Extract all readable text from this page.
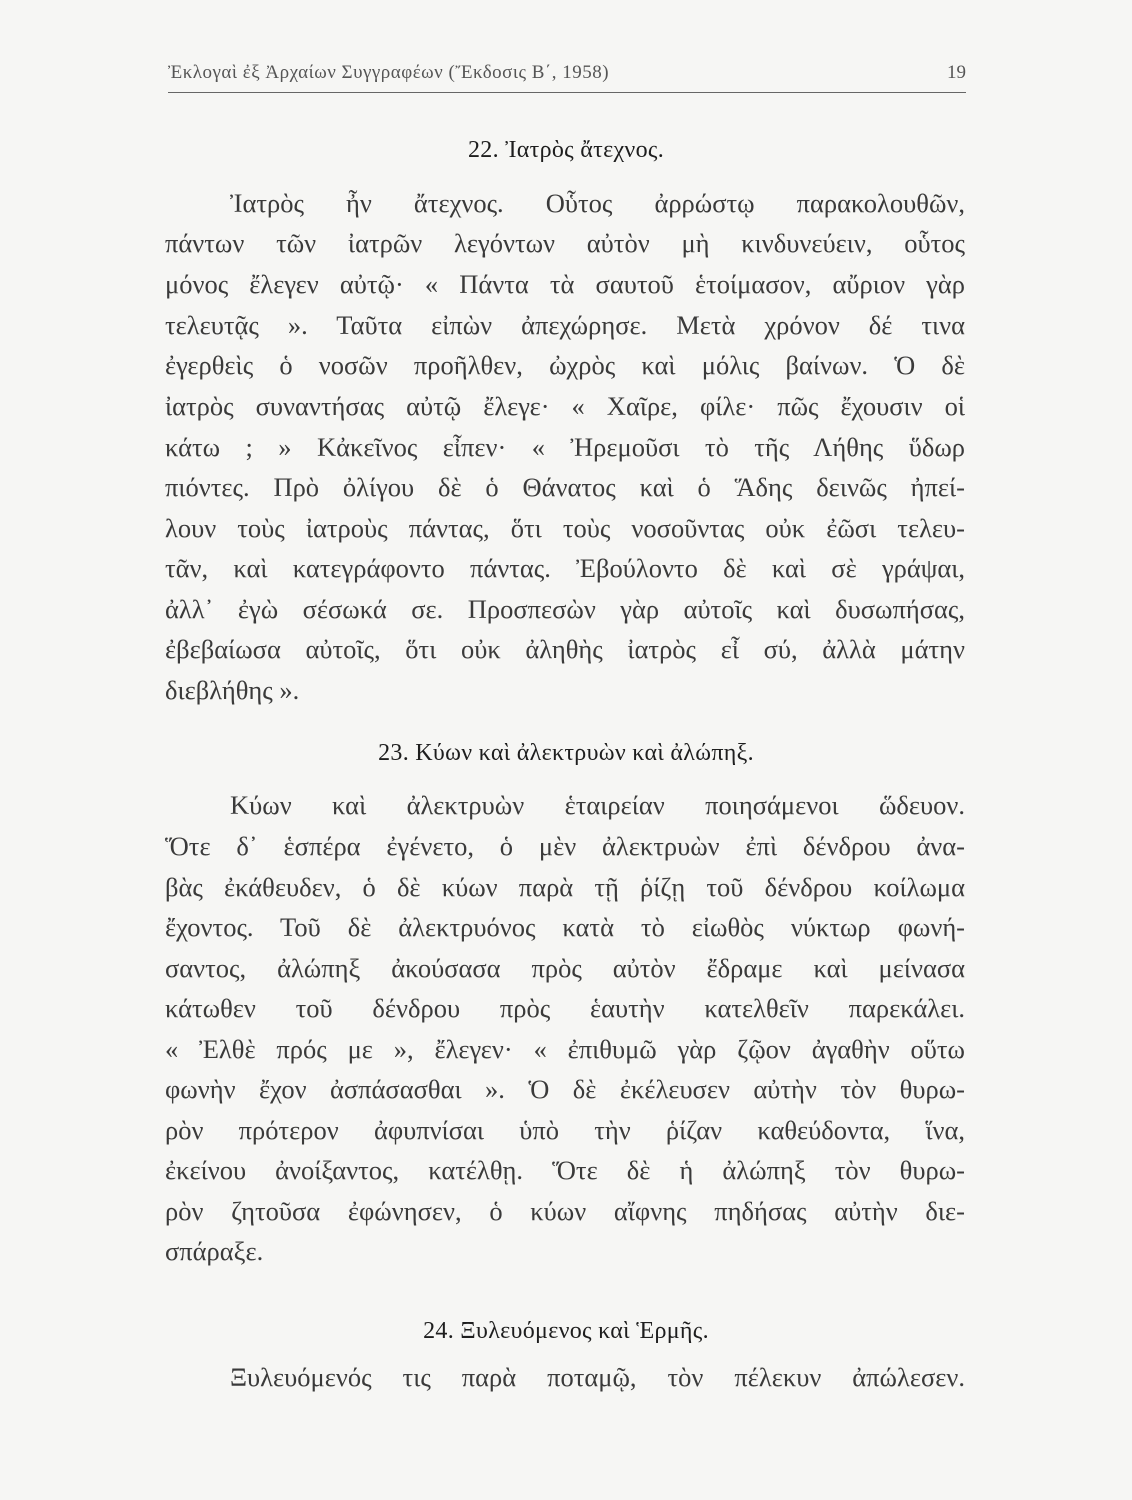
Ἐκλογαὶ ἐξ Ἀρχαίων Συγγραφέων (Ἔκδοσις Β΄, 1958)	19
22. Ἰατρὸς ἄτεχνος.
Ἰατρὸς ἦν ἄτεχνος. Οὗτος ἀρρώστῳ παρακολουθῶν,
πάντων τῶν ἰατρῶν λεγόντων αὐτὸν μὴ κινδυνεύειν, οὗτος
μόνος ἔλεγεν αὐτῷ· « Πάντα τὰ σαυτοῦ ἑτοίμασον, αὔριον γὰρ
τελευτᾷς ». Ταῦτα εἰπὼν ἀπεχώρησε. Μετὰ χρόνον δέ τινα
ἐγερθεὶς ὁ νοσῶν προῆλθεν, ὠχρὸς καὶ μόλις βαίνων. Ὁ δὲ
ἰατρὸς συναντήσας αὐτῷ ἔλεγε· « Χαῖρε, φίλε· πῶς ἔχουσιν οἱ
κάτω ; » Κἀκεῖνος εἶπεν· « Ἠρεμοῦσι τὸ τῆς Λήθης ὕδωρ
πιόντες. Πρὸ ὀλίγου δὲ ὁ Θάνατος καὶ ὁ Ἅδης δεινῶς ἠπεί-
λουν τοὺς ἰατροὺς πάντας, ὅτι τοὺς νοσοῦντας οὐκ ἐῶσι τελευ-
τᾶν, καὶ κατεγράφοντο πάντας. Ἐβούλοντο δὲ καὶ σὲ γράψαι,
ἀλλ᾽ ἐγὼ σέσωκά σε. Προσπεσὼν γὰρ αὐτοῖς καὶ δυσωπήσας,
ἐβεβαίωσα αὐτοῖς, ὅτι οὐκ ἀληθὴς ἰατρὸς εἶ σύ, ἀλλὰ μάτην
διεβλήθης ».
23. Κύων καὶ ἀλεκτρυὼν καὶ ἀλώπηξ.
Κύων καὶ ἀλεκτρυὼν ἑταιρείαν ποιησάμενοι ὥδευον.
Ὅτε δ᾽ ἑσπέρα ἐγένετο, ὁ μὲν ἀλεκτρυὼν ἐπὶ δένδρου ἀνα-
βὰς ἐκάθευδεν, ὁ δὲ κύων παρὰ τῇ ῥίζῃ τοῦ δένδρου κοίλωμα
ἔχοντος. Τοῦ δὲ ἀλεκτρυόνος κατὰ τὸ εἰωθὸς νύκτωρ φωνή-
σαντος, ἀλώπηξ ἀκούσασα πρὸς αὐτὸν ἔδραμε καὶ μείνασα
κάτωθεν τοῦ δένδρου πρὸς ἑαυτὴν κατελθεῖν παρεκάλει.
« Ἐλθὲ πρός με », ἔλεγεν· « ἐπιθυμῶ γὰρ ζῷον ἀγαθὴν οὕτω
φωνὴν ἔχον ἀσπάσασθαι ». Ὁ δὲ ἐκέλευσεν αὐτὴν τὸν θυρω-
ρὸν πρότερον ἀφυπνίσαι ὑπὸ τὴν ῥίζαν καθεύδοντα, ἵνα,
ἐκείνου ἀνοίξαντος, κατέλθῃ. Ὅτε δὲ ἡ ἀλώπηξ τὸν θυρω-
ρὸν ζητοῦσα ἐφώνησεν, ὁ κύων αἴφνης πηδήσας αὐτὴν διε-
σπάραξε.
24. Ξυλευόμενος καὶ Ἑρμῆς.
Ξυλευόμενός τις παρὰ ποταμῷ, τὸν πέλεκυν ἀπώλεσεν.
